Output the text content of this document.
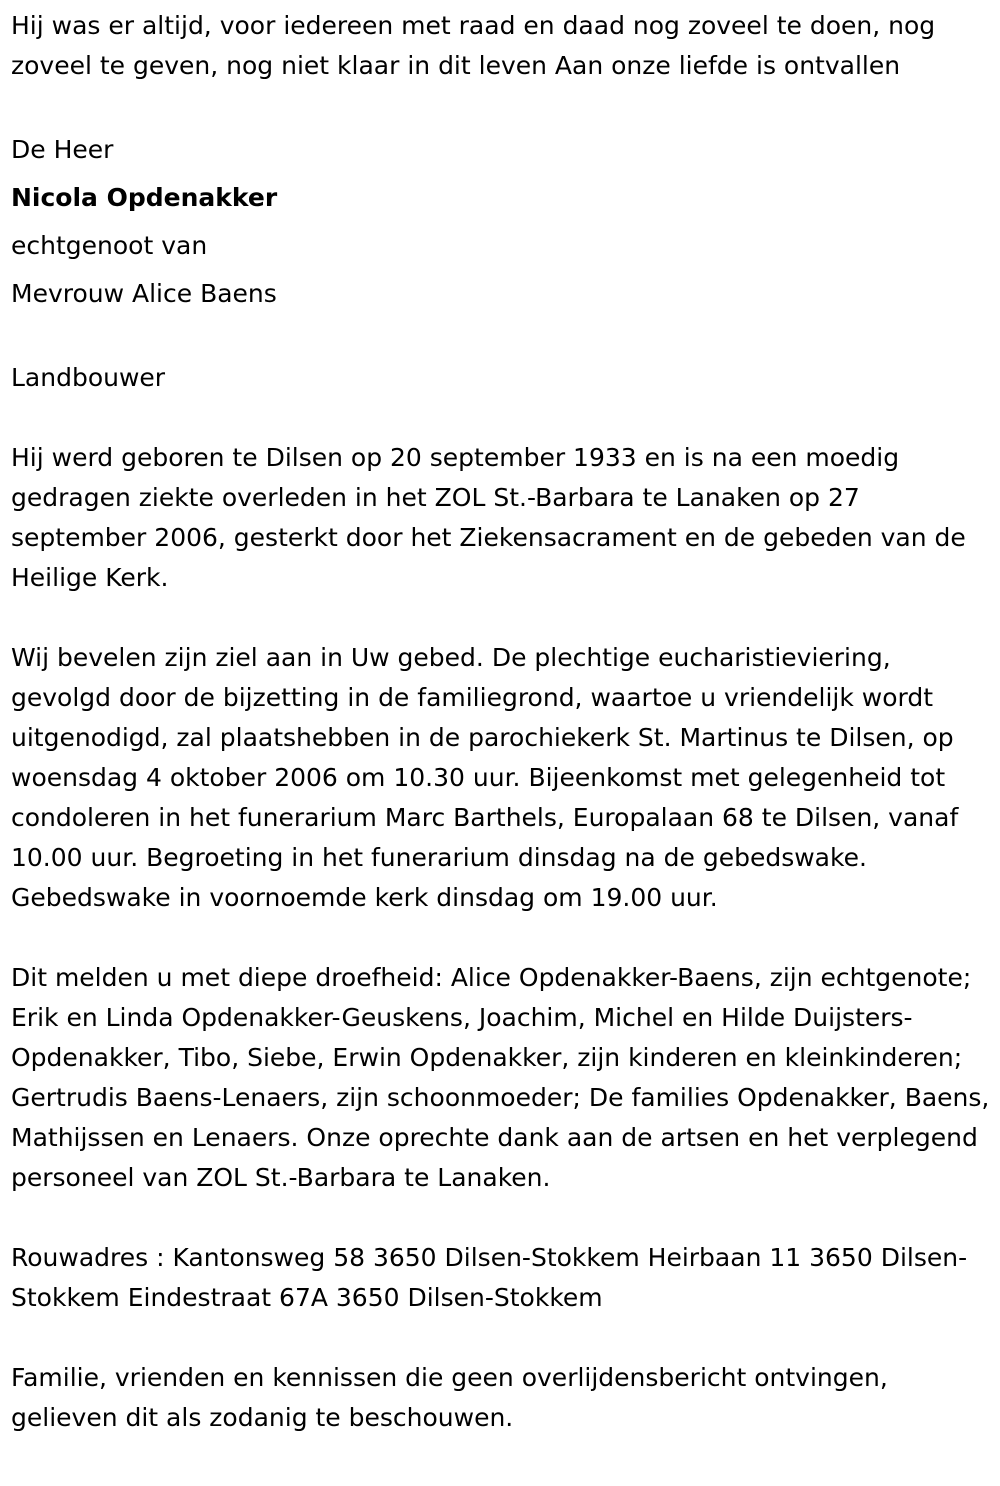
Hij was er altijd, voor iedereen met raad en daad nog zoveel te doen, nog zoveel te geven, nog niet klaar in dit leven Aan onze liefde is ontvallen

De Heer

Nicola Opdenakker

echtgenoot van

Mevrouw Alice Baens

Landbouwer

Hij werd geboren te Dilsen op 20 september 1933 en is na een moedig gedragen ziekte overleden in het ZOL St.-Barbara te Lanaken op 27 september 2006, gesterkt door het Ziekensacrament en de gebeden van de Heilige Kerk.

Wij bevelen zijn ziel aan in Uw gebed. De plechtige eucharistieviering, gevolgd door de bijzetting in de familiegrond, waartoe u vriendelijk wordt uitgenodigd, zal plaatshebben in de parochiekerk St. Martinus te Dilsen, op woensdag 4 oktober 2006 om 10.30 uur. Bijeenkomst met gelegenheid tot condoleren in het funerarium Marc Barthels, Europalaan 68 te Dilsen, vanaf 10.00 uur. Begroeting in het funerarium dinsdag na de gebedswake. Gebedswake in voornoemde kerk dinsdag om 19.00 uur.

Dit melden u met diepe droefheid: Alice Opdenakker-Baens, zijn echtgenote; Erik en Linda Opdenakker-Geuskens, Joachim, Michel en Hilde Duijsters-Opdenakker, Tibo, Siebe, Erwin Opdenakker, zijn kinderen en kleinkinderen; Gertrudis Baens-Lenaers, zijn schoonmoeder; De families Opdenakker, Baens, Mathijssen en Lenaers. Onze oprechte dank aan de artsen en het verplegend personeel van ZOL St.-Barbara te Lanaken.

Rouwadres : Kantonsweg 58 3650 Dilsen-Stokkem Heirbaan 11 3650 Dilsen-Stokkem Eindestraat 67A 3650 Dilsen-Stokkem

Familie, vrienden en kennissen die geen overlijdensbericht ontvingen, gelieven dit als zodanig te beschouwen.
